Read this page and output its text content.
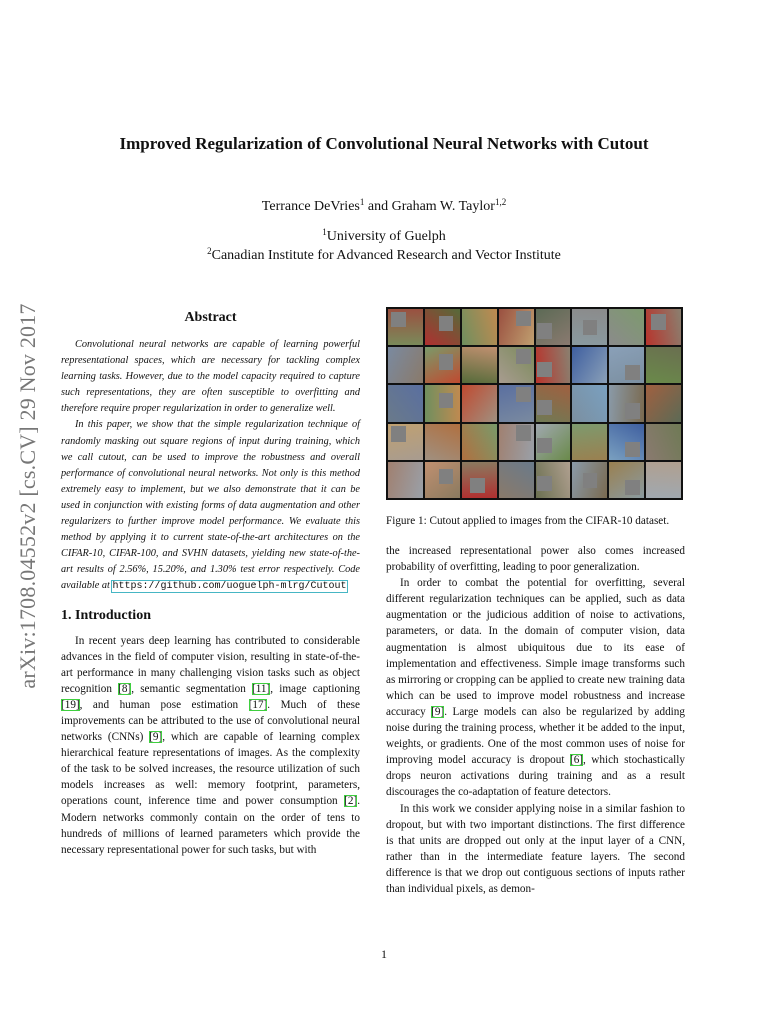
arXiv:1708.04552v2 [cs.CV] 29 Nov 2017
Improved Regularization of Convolutional Neural Networks with Cutout
Terrance DeVries$^1$ and Graham W. Taylor$^{1,2}$
$^1$University of Guelph
$^2$Canadian Institute for Advanced Research and Vector Institute
Abstract

Convolutional neural networks are capable of learning powerful representational spaces, which are necessary for tackling complex learning tasks. However, due to the model capacity required to capture such representations, they are often susceptible to overfitting and therefore require proper regularization in order to generalize well.

In this paper, we show that the simple regularization technique of randomly masking out square regions of input during training, which we call cutout, can be used to improve the robustness and overall performance of convolutional neural networks. Not only is this method extremely easy to implement, but we also demonstrate that it can be used in conjunction with existing forms of data augmentation and other regularizers to further improve model performance. We evaluate this method by applying it to current state-of-the-art architectures on the CIFAR-10, CIFAR-100, and SVHN datasets, yielding new state-of-the-art results of 2.56%, 15.20%, and 1.30% test error respectively. Code available at https://github.com/uoguelph-mlrg/Cutout

1. Introduction

In recent years deep learning has contributed to considerable advances in the field of computer vision, resulting in state-of-the-art performance in many challenging vision tasks such as object recognition [8], semantic segmentation [11], image captioning [19], and human pose estimation [17]. Much of these improvements can be attributed to the use of convolutional neural networks (CNNs) [9], which are capable of learning complex hierarchical feature representations of images. As the complexity of the task to be solved increases, the resource utilization of such models increases as well: memory footprint, parameters, operations count, inference time and power consumption [2]. Modern networks commonly contain on the order of tens to hundreds of millions of learned parameters which provide the necessary representational power for such tasks, but with

Figure 1: Cutout applied to images from the CIFAR-10 dataset.

the increased representational power also comes increased probability of overfitting, leading to poor generalization.

In order to combat the potential for overfitting, several different regularization techniques can be applied, such as data augmentation or the judicious addition of noise to activations, parameters, or data. In the domain of computer vision, data augmentation is almost ubiquitous due to its ease of implementation and effectiveness. Simple image transforms such as mirroring or cropping can be applied to create new training data which can be used to improve model robustness and increase accuracy [9]. Large models can also be regularized by adding noise during the training process, whether it be added to the input, weights, or gradients. One of the most common uses of noise for improving model accuracy is dropout [6], which stochastically drops neuron activations during training and as a result discourages the co-adaptation of feature detectors.

In this work we consider applying noise in a similar fashion to dropout, but with two important distinctions. The first difference is that units are dropped out only at the input layer of a CNN, rather than in the intermediate feature layers. The second difference is that we drop out contiguous sections of inputs rather than individual pixels, as demon-

1
